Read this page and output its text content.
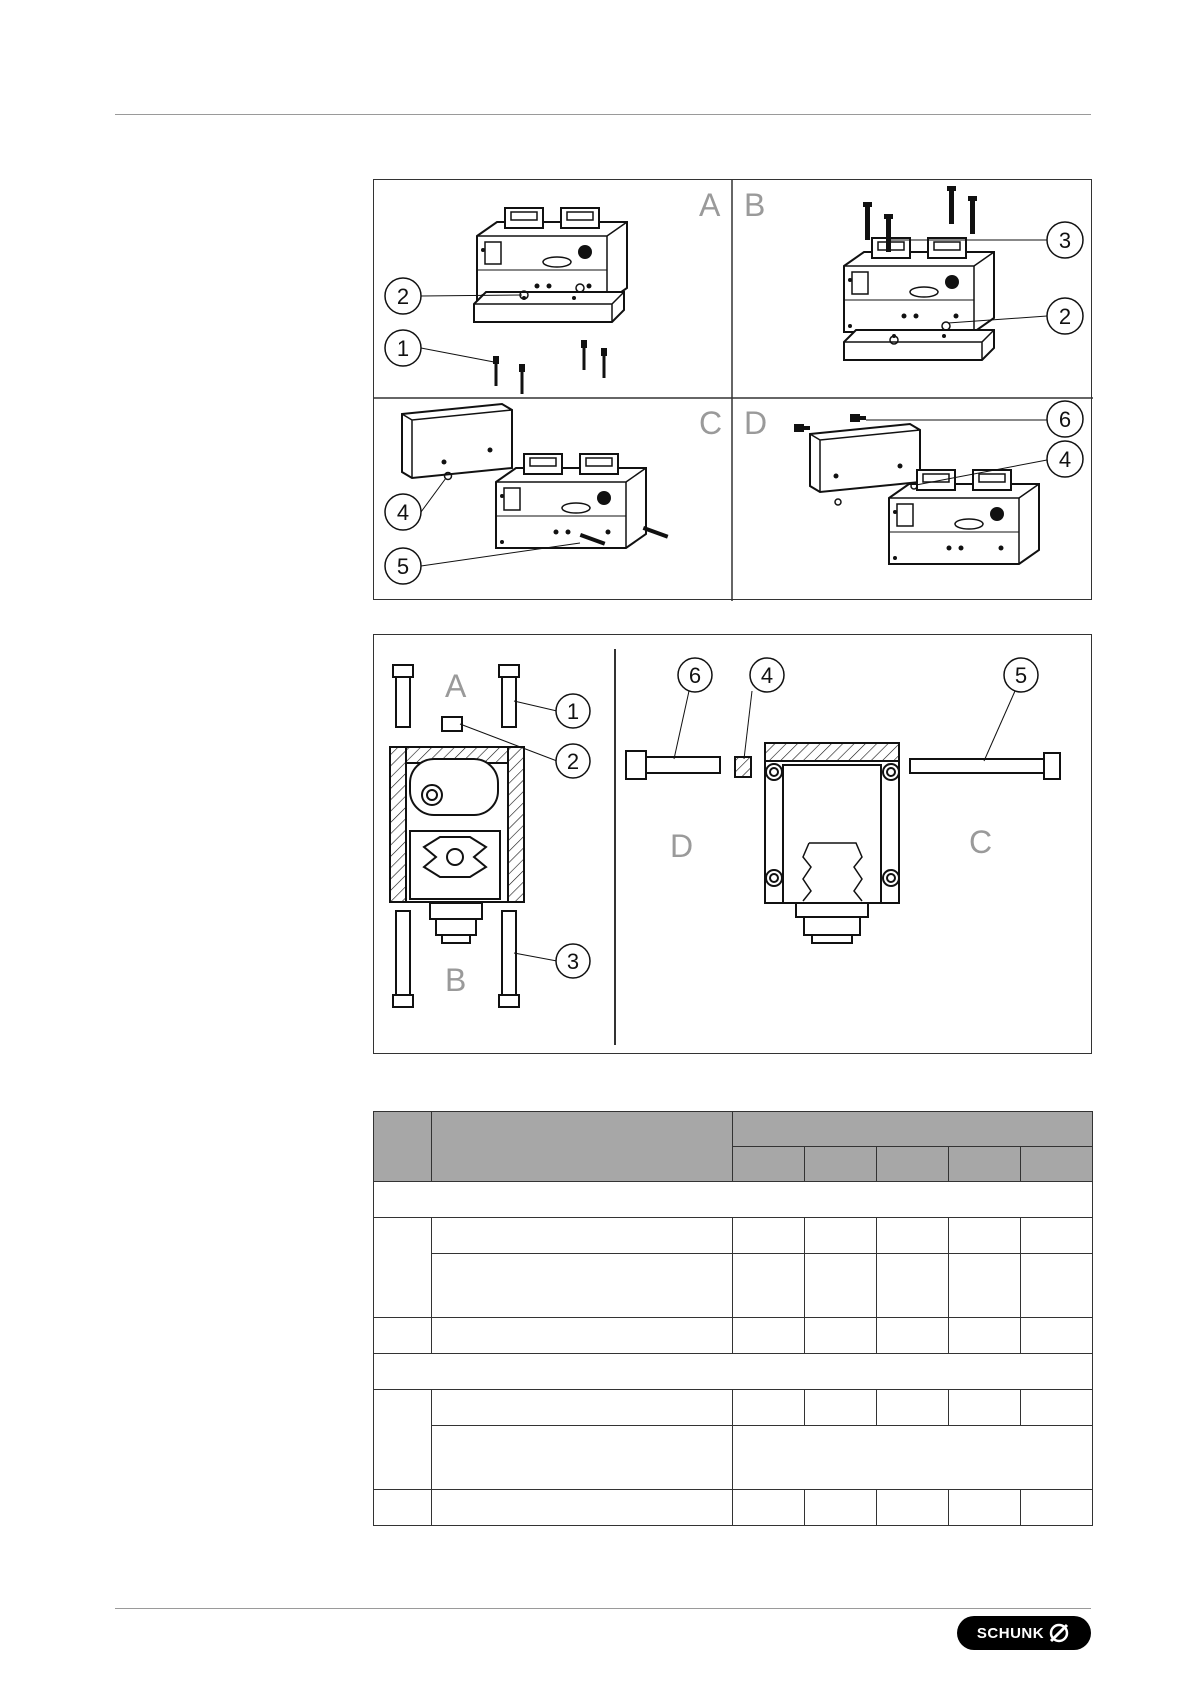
A B
C D
2
1
3
2
4
5
6
4
A
B
D	C
1
2
3
6	4	5

SCHUNK
